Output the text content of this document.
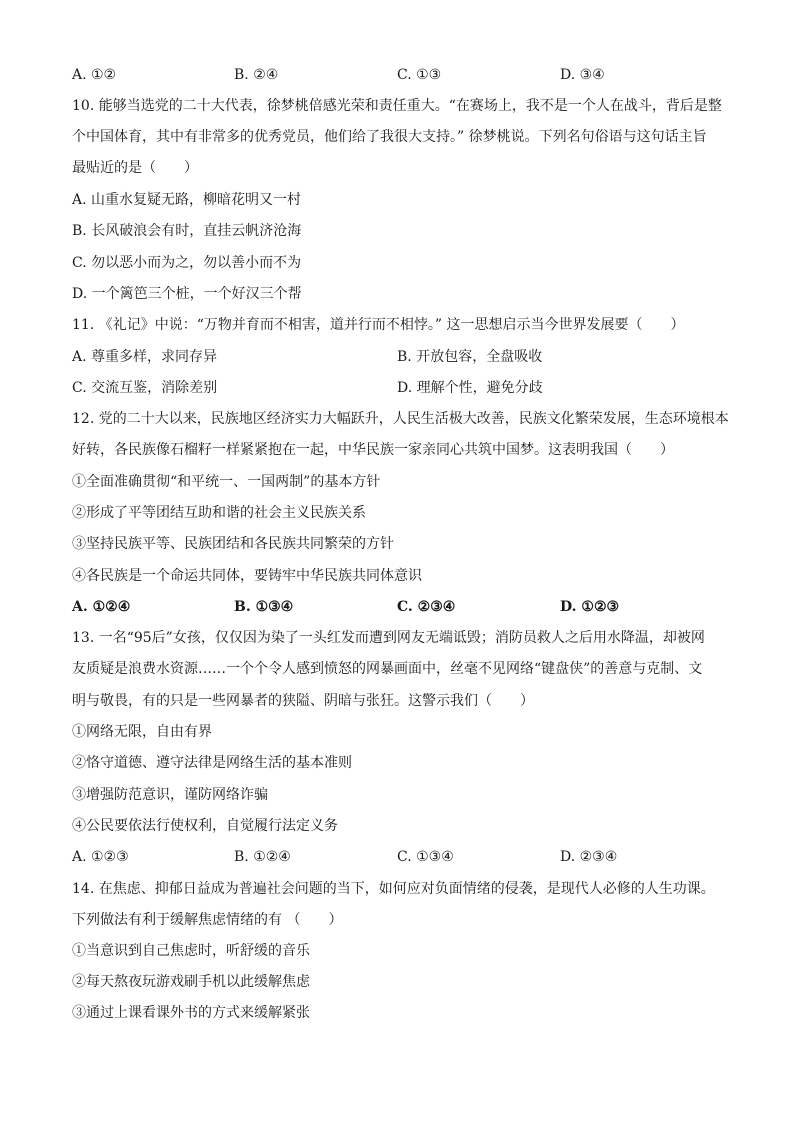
A. ①②	B. ②④	C. ①③	D. ③④
10. 能够当选党的二十大代表，徐梦桃倍感光荣和责任重大。“在赛场上，我不是一个人在战斗，背后是整
个中国体育，其中有非常多的优秀党员，他们给了我很大支持。” 徐梦桃说。下列名句俗语与这句话主旨
最贴近的是（　　）
A. 山重水复疑无路，柳暗花明又一村
B. 长风破浪会有时，直挂云帆济沧海
C. 勿以恶小而为之，勿以善小而不为
D. 一个篱笆三个桩，一个好汉三个帮
11. 《礼记》中说：“万物并育而不相害，道并行而不相悖。” 这一思想启示当今世界发展要（　　）
A. 尊重多样，求同存异	B. 开放包容，全盘吸收
C. 交流互鉴，消除差别	D. 理解个性，避免分歧
12. 党的二十大以来，民族地区经济实力大幅跃升，人民生活极大改善，民族文化繁荣发展，生态环境根本
好转，各民族像石榴籽一样紧紧抱在一起，中华民族一家亲同心共筑中国梦。这表明我国（　　）
①全面准确贯彻“和平统一、一国两制”的基本方针
②形成了平等团结互助和谐的社会主义民族关系
③坚持民族平等、民族团结和各民族共同繁荣的方针
④各民族是一个命运共同体，要铸牢中华民族共同体意识
A. ①②④	B. ①③④	C. ②③④	D. ①②③
13. 一名“95后”女孩，仅仅因为染了一头红发而遭到网友无端诋毁；消防员救人之后用水降温，却被网
友质疑是浪费水资源……一个个令人感到愤怒的网暴画面中，丝毫不见网络“键盘侠”的善意与克制、文
明与敬畏，有的只是一些网暴者的狭隘、阴暗与张狂。这警示我们（　　）
①网络无限，自由有界
②恪守道德、遵守法律是网络生活的基本准则
③增强防范意识，谨防网络诈骗
④公民要依法行使权利，自觉履行法定义务
A. ①②③	B. ①②④	C. ①③④	D. ②③④
14. 在焦虑、抑郁日益成为普遍社会问题的当下，如何应对负面情绪的侵袭，是现代人必修的人生功课。
下列做法有利于缓解焦虑情绪的有 （　　）
①当意识到自己焦虑时，听舒缓的音乐
②每天熬夜玩游戏刷手机以此缓解焦虑
③通过上课看课外书的方式来缓解紧张
